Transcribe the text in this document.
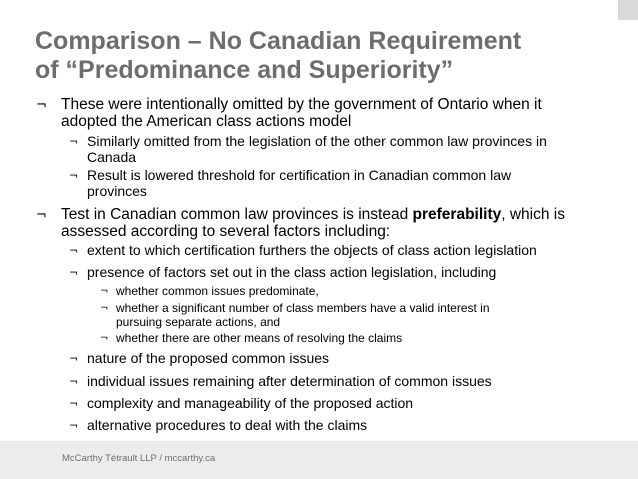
Comparison – No Canadian Requirement
of “Predominance and Superiority”
¬ These were intentionally omitted by the government of Ontario when it
adopted the American class actions model
¬ Similarly omitted from the legislation of the other common law provinces in
Canada
¬ Result is lowered threshold for certification in Canadian common law
provinces
¬ Test in Canadian common law provinces is instead preferability, which is
assessed according to several factors including:
¬ extent to which certification furthers the objects of class action legislation
¬ presence of factors set out in the class action legislation, including
¬ whether common issues predominate,
¬ whether a significant number of class members have a valid interest in
pursuing separate actions, and
¬ whether there are other means of resolving the claims
¬ nature of the proposed common issues
¬ individual issues remaining after determination of common issues
¬ complexity and manageability of the proposed action
¬ alternative procedures to deal with the claims
McCarthy Tétrault LLP / mccarthy.ca
